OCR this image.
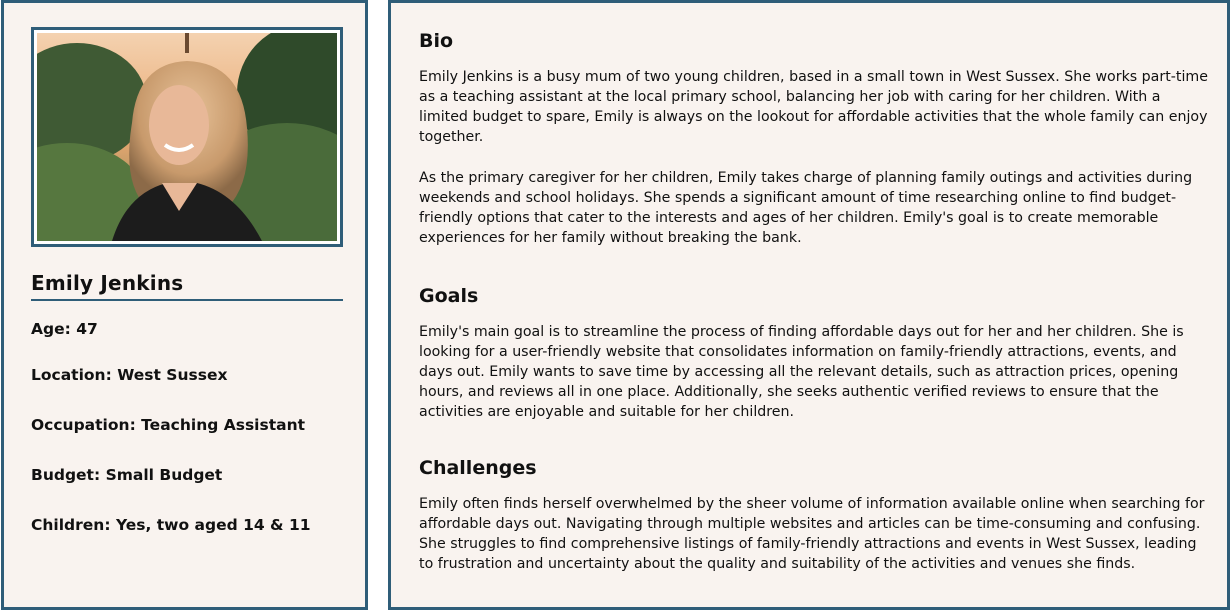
Emily Jenkins
Age : 47
Location : West Sussex
Occupation : Teaching Assistant
Budget : Small Budget
Children : Yes, two aged 14 & 11
Bio

Emily Jenkins is a busy mum of two young children, based in a small town in West Sussex. She works part-time as a teaching assistant at the local primary school, balancing her job with caring for her children. With a limited budget to spare, Emily is always on the lookout for affordable activities that the whole family can enjoy together.

As the primary caregiver for her children, Emily takes charge of planning family outings and activities during weekends and school holidays. She spends a significant amount of time researching online to find budget-friendly options that cater to the interests and ages of her children. Emily's goal is to create memorable experiences for her family without breaking the bank.

Goals

Emily's main goal is to streamline the process of finding affordable days out for her and her children. She is looking for a user-friendly website that consolidates information on family-friendly attractions, events, and days out. Emily wants to save time by accessing all the relevant details, such as attraction prices, opening hours, and reviews all in one place. Additionally, she seeks authentic verified reviews to ensure that the activities are enjoyable and suitable for her children.

Challenges

Emily often finds herself overwhelmed by the sheer volume of information available online when searching for affordable days out. Navigating through multiple websites and articles can be time-consuming and confusing. She struggles to find comprehensive listings of family-friendly attractions and events in West Sussex, leading to frustration and uncertainty about the quality and suitability of the activities and venues she finds.
